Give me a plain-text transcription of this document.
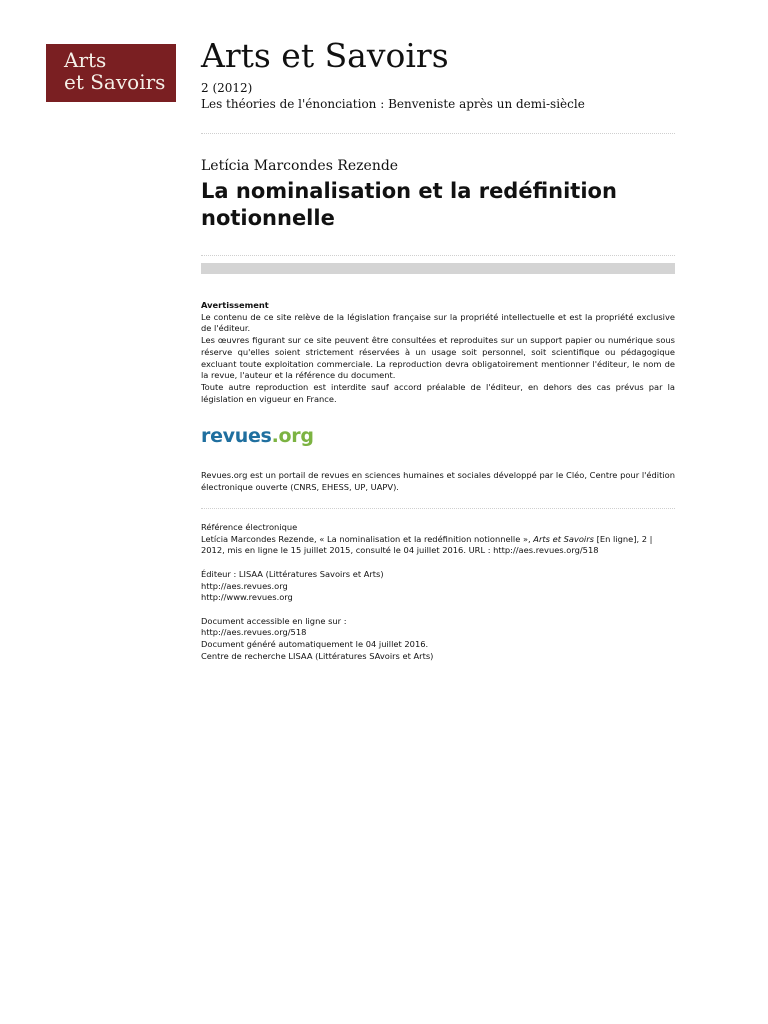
Arts
et Savoirs
Arts et Savoirs
2 (2012)
Les théories de l'énonciation : Benveniste après un demi-siècle
Letícia Marcondes Rezende
La nominalisation et la redéfinition notionnelle
Avertissement

Le contenu de ce site relève de la législation française sur la propriété intellectuelle et est la propriété exclusive de l'éditeur.

Les œuvres figurant sur ce site peuvent être consultées et reproduites sur un support papier ou numérique sous réserve qu'elles soient strictement réservées à un usage soit personnel, soit scientifique ou pédagogique excluant toute exploitation commerciale. La reproduction devra obligatoirement mentionner l'éditeur, le nom de la revue, l'auteur et la référence du document.

Toute autre reproduction est interdite sauf accord préalable de l'éditeur, en dehors des cas prévus par la législation en vigueur en France.

revues.org
Revues.org est un portail de revues en sciences humaines et sociales développé par le Cléo, Centre pour l'édition électronique ouverte (CNRS, EHESS, UP, UAPV).

Référence électronique

Letícia Marcondes Rezende, « La nominalisation et la redéfinition notionnelle », Arts et Savoirs [En ligne], 2 | 2012, mis en ligne le 15 juillet 2015, consulté le 04 juillet 2016. URL : http://aes.revues.org/518

Éditeur : LISAA (Littératures Savoirs et Arts)

http://aes.revues.org

http://www.revues.org

Document accessible en ligne sur :

http://aes.revues.org/518

Document généré automatiquement le 04 juillet 2016.

Centre de recherche LISAA (Littératures SAvoirs et Arts)
